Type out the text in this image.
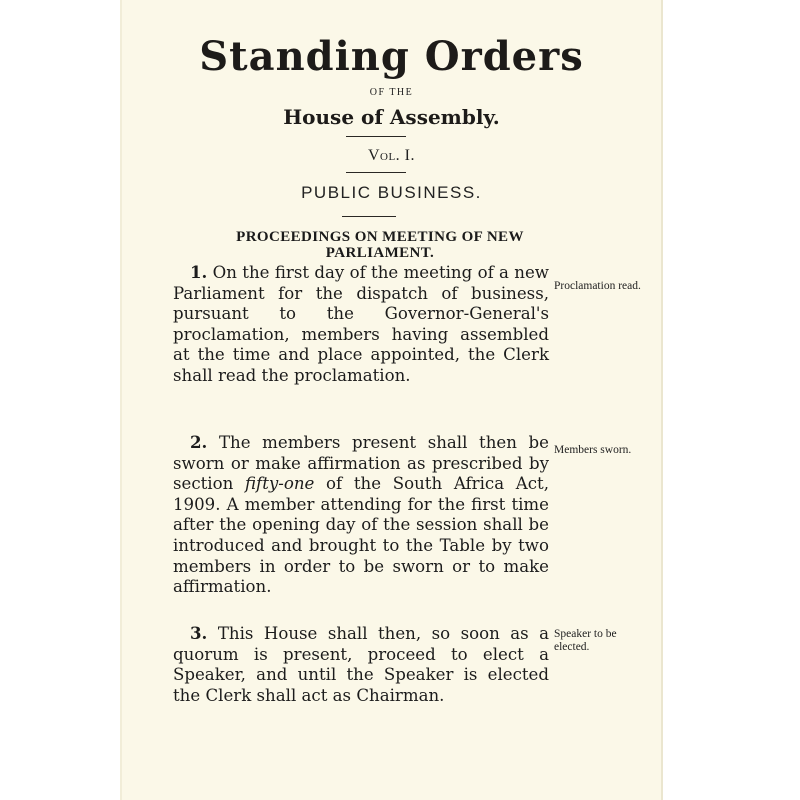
Standing Orders
OF THE
House of Assembly.
Vol. I.
PUBLIC BUSINESS.
PROCEEDINGS ON MEETING OF NEW PARLIAMENT.

1. On the first day of the meeting of a new Parliament for the dispatch of business, pursuant to the Governor-General's proclamation, members having assembled at the time and place appointed, the Clerk shall read the proclamation.

Proclamation read.

2. The members present shall then be sworn or make affirmation as prescribed by section fifty-one of the South Africa Act, 1909. A member attending for the first time after the opening day of the session shall be introduced and brought to the Table by two members in order to be sworn or to make affirmation.

Members sworn.

3. This House shall then, so soon as a quorum is present, proceed to elect a Speaker, and until the Speaker is elected the Clerk shall act as Chairman.

Speaker to be elected.
